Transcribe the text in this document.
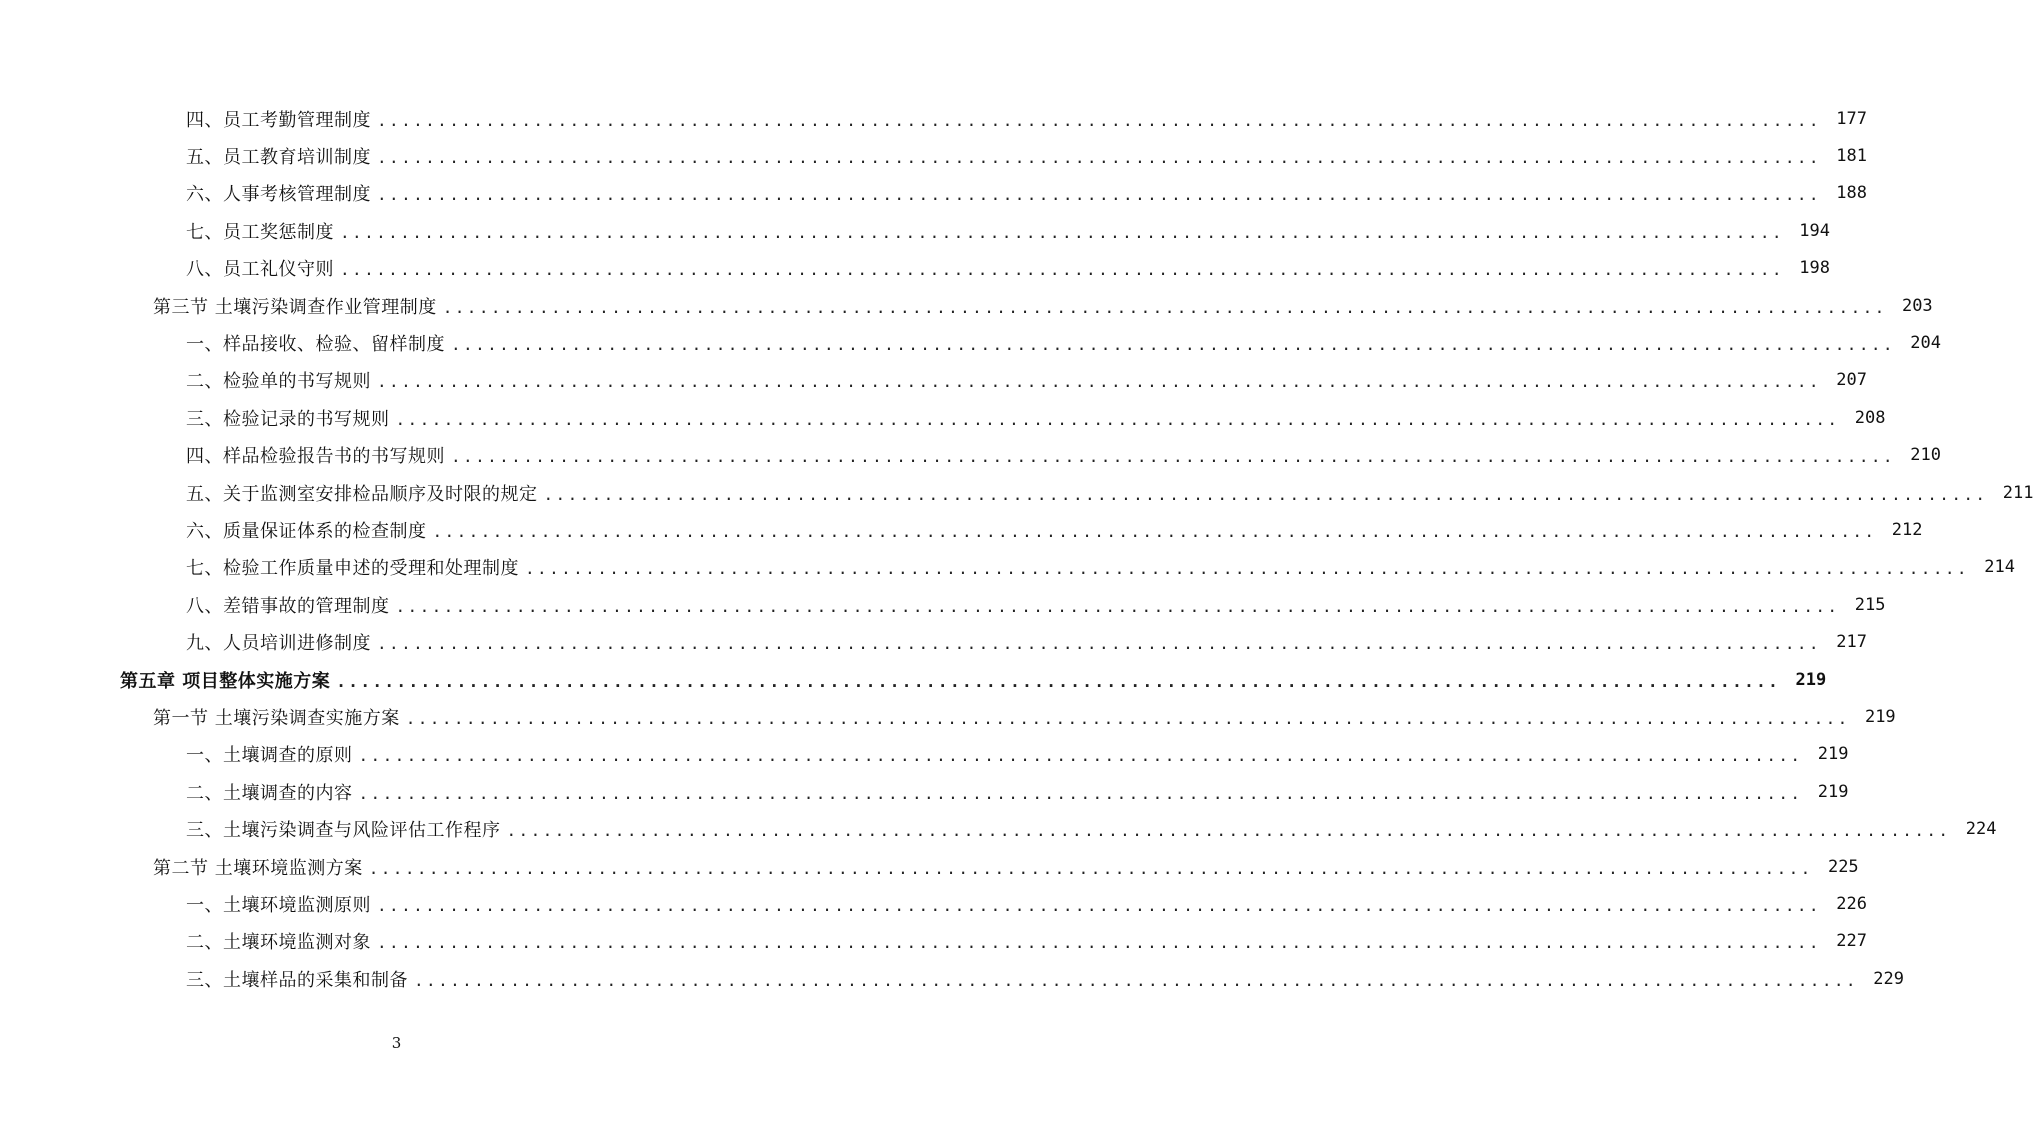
四、员工考勤管理制度 ........................................................................................................................ 177
五、员工教育培训制度 ........................................................................................................................ 181
六、人事考核管理制度 ........................................................................................................................ 188
七、员工奖惩制度 ........................................................................................................................ 194
八、员工礼仪守则 ........................................................................................................................ 198
第三节 土壤污染调查作业管理制度 ........................................................................................................................ 203
一、样品接收、检验、留样制度 ........................................................................................................................ 204
二、检验单的书写规则 ........................................................................................................................ 207
三、检验记录的书写规则 ........................................................................................................................ 208
四、样品检验报告书的书写规则 ........................................................................................................................ 210
五、关于监测室安排检品顺序及时限的规定 ........................................................................................................................ 211
六、质量保证体系的检查制度 ........................................................................................................................ 212
七、检验工作质量申述的受理和处理制度 ........................................................................................................................ 214
八、差错事故的管理制度 ........................................................................................................................ 215
九、人员培训进修制度 ........................................................................................................................ 217
第五章 项目整体实施方案 ........................................................................................................................ 219
第一节 土壤污染调查实施方案 ........................................................................................................................ 219
一、土壤调查的原则 ........................................................................................................................ 219
二、土壤调查的内容 ........................................................................................................................ 219
三、土壤污染调查与风险评估工作程序 ........................................................................................................................ 224
第二节 土壤环境监测方案 ........................................................................................................................ 225
一、土壤环境监测原则 ........................................................................................................................ 226
二、土壤环境监测对象 ........................................................................................................................ 227
三、土壤样品的采集和制备 ........................................................................................................................ 229
3
